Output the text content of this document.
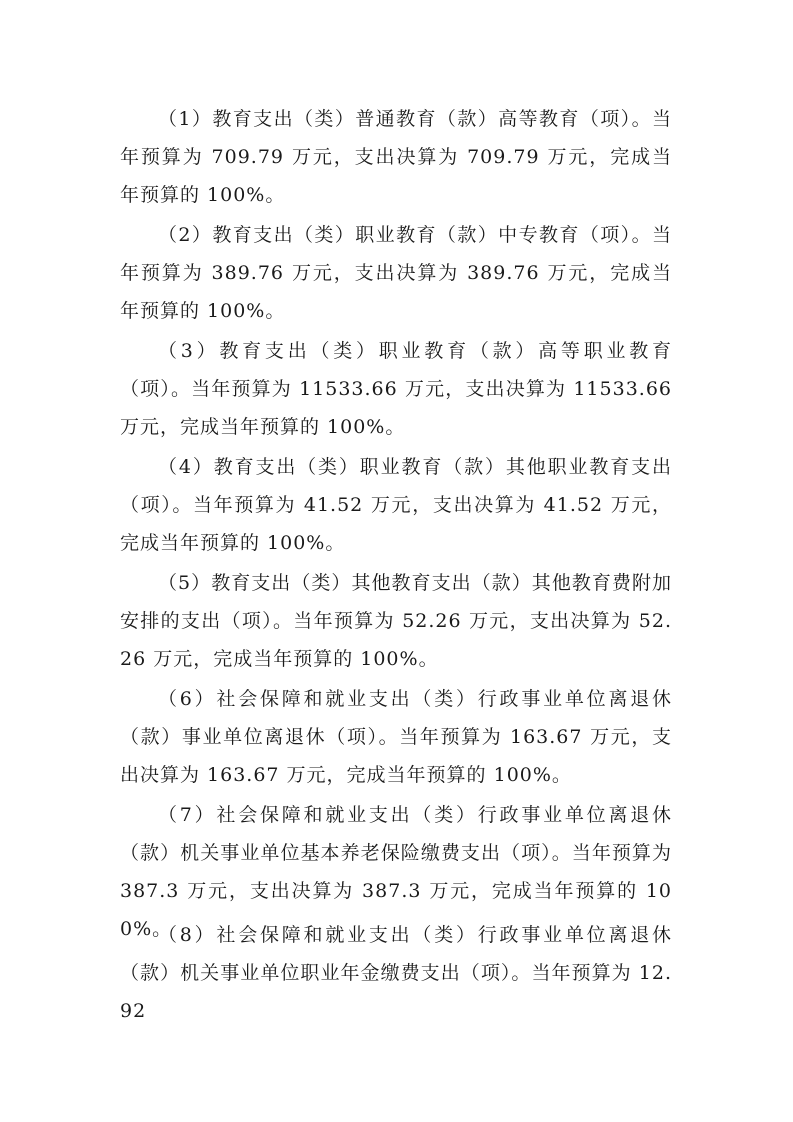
（1）教育支出（类）普通教育（款）高等教育（项）。当年预算为 709.79 万元，支出决算为 709.79 万元，完成当年预算的 100%。

（2）教育支出（类）职业教育（款）中专教育（项）。当年预算为 389.76 万元，支出决算为 389.76 万元，完成当年预算的 100%。

（3）教育支出（类）职业教育（款）高等职业教育（项）。当年预算为 11533.66 万元，支出决算为 11533.66 万元，完成当年预算的 100%。

（4）教育支出（类）职业教育（款）其他职业教育支出（项）。当年预算为 41.52 万元，支出决算为 41.52 万元，完成当年预算的 100%。

（5）教育支出（类）其他教育支出（款）其他教育费附加安排的支出（项）。当年预算为 52.26 万元，支出决算为 52.26 万元，完成当年预算的 100%。

（6）社会保障和就业支出（类）行政事业单位离退休（款）事业单位离退休（项）。当年预算为 163.67 万元，支出决算为 163.67 万元，完成当年预算的 100%。

（7）社会保障和就业支出（类）行政事业单位离退休（款）机关事业单位基本养老保险缴费支出（项）。当年预算为 387.3 万元，支出决算为 387.3 万元，完成当年预算的 100%。

（8）社会保障和就业支出（类）行政事业单位离退休（款）机关事业单位职业年金缴费支出（项）。当年预算为 12.92
